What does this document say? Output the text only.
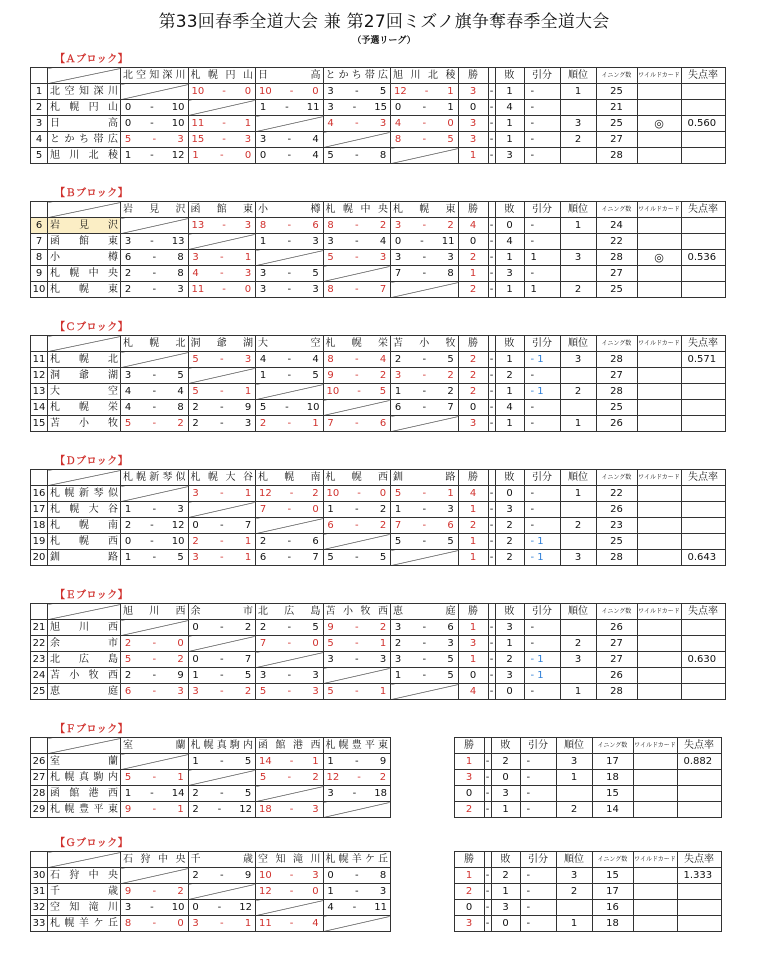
第33回春季全道大会 兼 第27回ミズノ旗争奪春季全道大会
（予選リーグ）
【Ａブロック】
		北空知深川	札幌円山	日高	とかち帯広	旭川北稜	勝		敗	引分	順位	イニング数	ワイルドカード	失点率
1	北空知深川		10 - 0	10 - 0	3 - 5	12 - 1	3	-	1	-	1	25		
2	札幌円山	0 - 10		1 - 11	3 - 15	0 - 1	0	-	4	-		21		
3	日高	0 - 10	11 - 1		4 - 3	4 - 0	3	-	1	-	3	25	◎	0.560
4	とかち帯広	5 - 3	15 - 3	3 - 4		8 - 5	3	-	1	-	2	27		
5	旭川北稜	1 - 12	1 - 0	0 - 4	5 - 8		1	-	3	-		28		
【Ｂブロック】
		岩見沢	函館東	小樽	札幌中央	札幌東	勝		敗	引分	順位	イニング数	ワイルドカード	失点率
6	岩見沢		13 - 3	8 - 6	8 - 2	3 - 2	4	-	0	-	1	24		
7	函館東	3 - 13		1 - 3	3 - 4	0 - 11	0	-	4	-		22		
8	小樽	6 - 8	3 - 1		5 - 3	3 - 3	2	-	1	1	3	28	◎	0.536
9	札幌中央	2 - 8	4 - 3	3 - 5		7 - 8	1	-	3	-		27		
10	札幌東	2 - 3	11 - 0	3 - 3	8 - 7		2	-	1	1	2	25		
【Ｃブロック】
		札幌北	洞爺湖	大空	札幌栄	苫小牧	勝		敗	引分	順位	イニング数	ワイルドカード	失点率
11	札幌北		5 - 3	4 - 4	8 - 4	2 - 5	2	-	1	- 1	3	28		0.571
12	洞爺湖	3 - 5		1 - 5	9 - 2	3 - 2	2	-	2	-		27		
13	大空	4 - 4	5 - 1		10 - 5	1 - 2	2	-	1	- 1	2	28		
14	札幌栄	4 - 8	2 - 9	5 - 10		6 - 7	0	-	4	-		25		
15	苫小牧	5 - 2	2 - 3	2 - 1	7 - 6		3	-	1	-	1	26		
【Ｄブロック】
		札幌新琴似	札幌大谷	札幌南	札幌西	釧路	勝		敗	引分	順位	イニング数	ワイルドカード	失点率
16	札幌新琴似		3 - 1	12 - 2	10 - 0	5 - 1	4	-	0	-	1	22		
17	札幌大谷	1 - 3		7 - 0	1 - 2	1 - 3	1	-	3	-		26		
18	札幌南	2 - 12	0 - 7		6 - 2	7 - 6	2	-	2	-	2	23		
19	札幌西	0 - 10	2 - 1	2 - 6		5 - 5	1	-	2	- 1		25		
20	釧路	1 - 5	3 - 1	6 - 7	5 - 5		1	-	2	- 1	3	28		0.643
【Ｅブロック】
		旭川西	余市	北広島	苫小牧西	恵庭	勝		敗	引分	順位	イニング数	ワイルドカード	失点率
21	旭川西		0 - 2	2 - 5	9 - 2	3 - 6	1	-	3	-		26		
22	余市	2 - 0		7 - 0	5 - 1	2 - 3	3	-	1	-	2	27		
23	北広島	5 - 2	0 - 7		3 - 3	3 - 5	1	-	2	- 1	3	27		0.630
24	苫小牧西	2 - 9	1 - 5	3 - 3		1 - 5	0	-	3	- 1		26		
25	恵庭	6 - 3	3 - 2	5 - 3	5 - 1		4	-	0	-	1	28		
【Ｆブロック】
		室蘭	札幌真駒内	函館港西	札幌豊平東		勝		敗	引分	順位	イニング数	ワイルドカード	失点率
26	室蘭		1 - 5	14 - 1	1 - 9		1	-	2	-	3	17		0.882
27	札幌真駒内	5 - 1		5 - 2	12 - 2		3	-	0	-	1	18		
28	函館港西	1 - 14	2 - 5		3 - 18		0	-	3	-		15		
29	札幌豊平東	9 - 1	2 - 12	18 - 3			2	-	1	-	2	14		
【Ｇブロック】
		石狩中央	千歳	空知滝川	札幌羊ケ丘		勝		敗	引分	順位	イニング数	ワイルドカード	失点率
30	石狩中央		2 - 9	10 - 3	0 - 8		1	-	2	-	3	15		1.333
31	千歳	9 - 2		12 - 0	1 - 3		2	-	1	-	2	17		
32	空知滝川	3 - 10	0 - 12		4 - 11		0	-	3	-		16		
33	札幌羊ケ丘	8 - 0	3 - 1	11 - 4			3	-	0	-	1	18		
